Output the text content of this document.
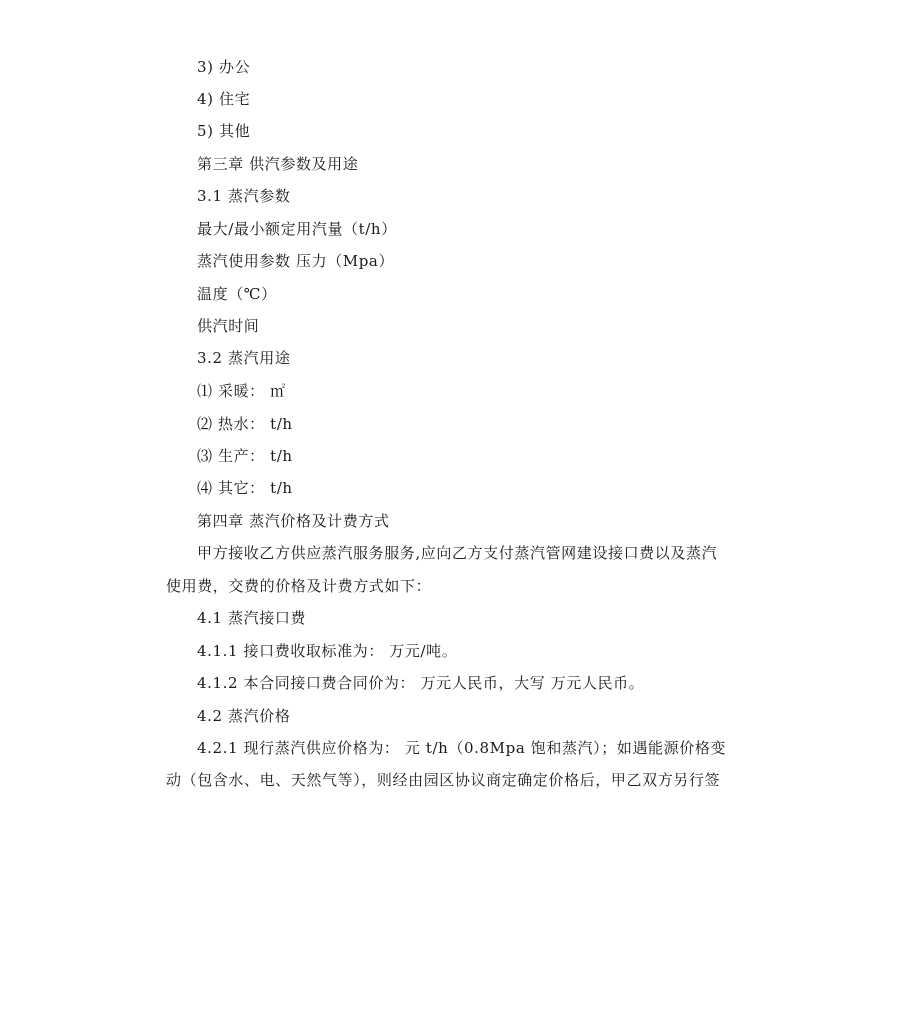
3) 办公
4) 住宅
5) 其他
第三章 供汽参数及用途
3.1 蒸汽参数
最大/最小额定用汽量（t/h）
蒸汽使用参数 压力（Mpa）
温度（℃）
供汽时间
3.2 蒸汽用途
⑴ 采暖： ㎡
⑵ 热水： t/h
⑶ 生产： t/h
⑷ 其它： t/h
第四章 蒸汽价格及计费方式
甲方接收乙方供应蒸汽服务服务,应向乙方支付蒸汽管网建设接口费以及蒸汽
使用费，交费的价格及计费方式如下：
4.1 蒸汽接口费
4.1.1 接口费收取标准为： 万元/吨。
4.1.2 本合同接口费合同价为： 万元人民币，大写 万元人民币。
4.2 蒸汽价格
4.2.1 现行蒸汽供应价格为： 元 t/h（0.8Mpa 饱和蒸汽）；如遇能源价格变
动（包含水、电、天然气等），则经由园区协议商定确定价格后，甲乙双方另行签
